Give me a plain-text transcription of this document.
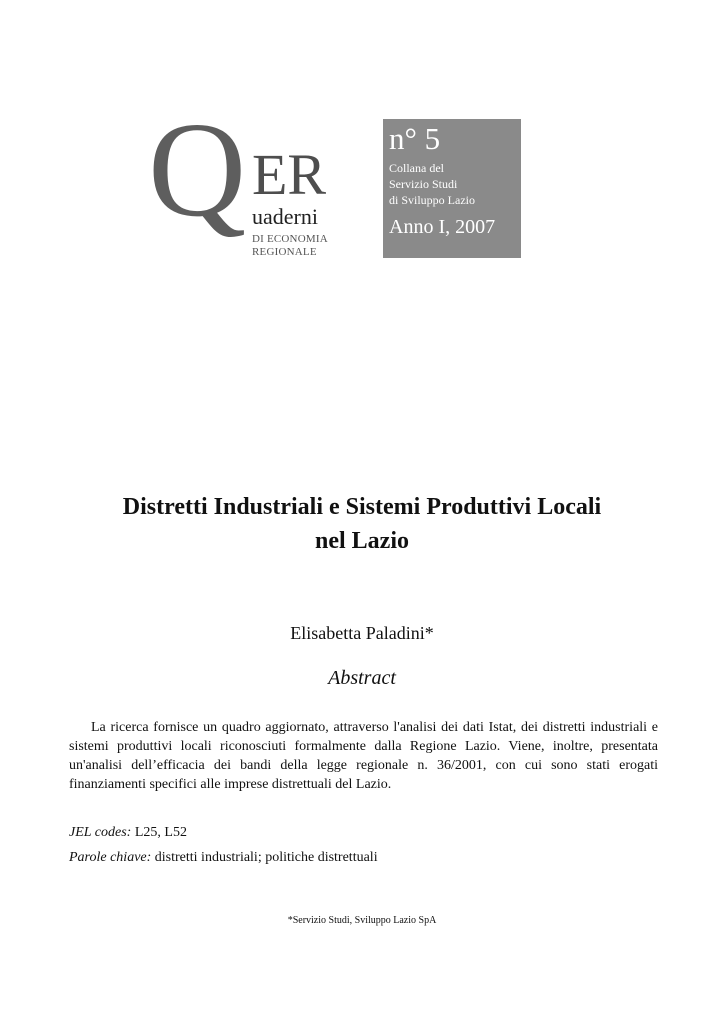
Q ER
uaderni
DI ECONOMIA
REGIONALE
n° 5
Collana del
Servizio Studi
di Sviluppo Lazio
Anno I, 2007
Distretti Industriali e Sistemi Produttivi Locali
nel Lazio
Elisabetta Paladini*
Abstract

La ricerca fornisce un quadro aggiornato, attraverso l'analisi dei dati Istat, dei distretti industriali e sistemi produttivi locali riconosciuti formalmente dalla Regione Lazio. Viene, inoltre, presentata un'analisi dell’efficacia dei bandi della legge regionale n. 36/2001, con cui sono stati erogati finanziamenti specifici alle imprese distrettuali del Lazio.

JEL codes: L25, L52
Parole chiave: distretti industriali; politiche distrettuali
*Servizio Studi, Sviluppo Lazio SpA
